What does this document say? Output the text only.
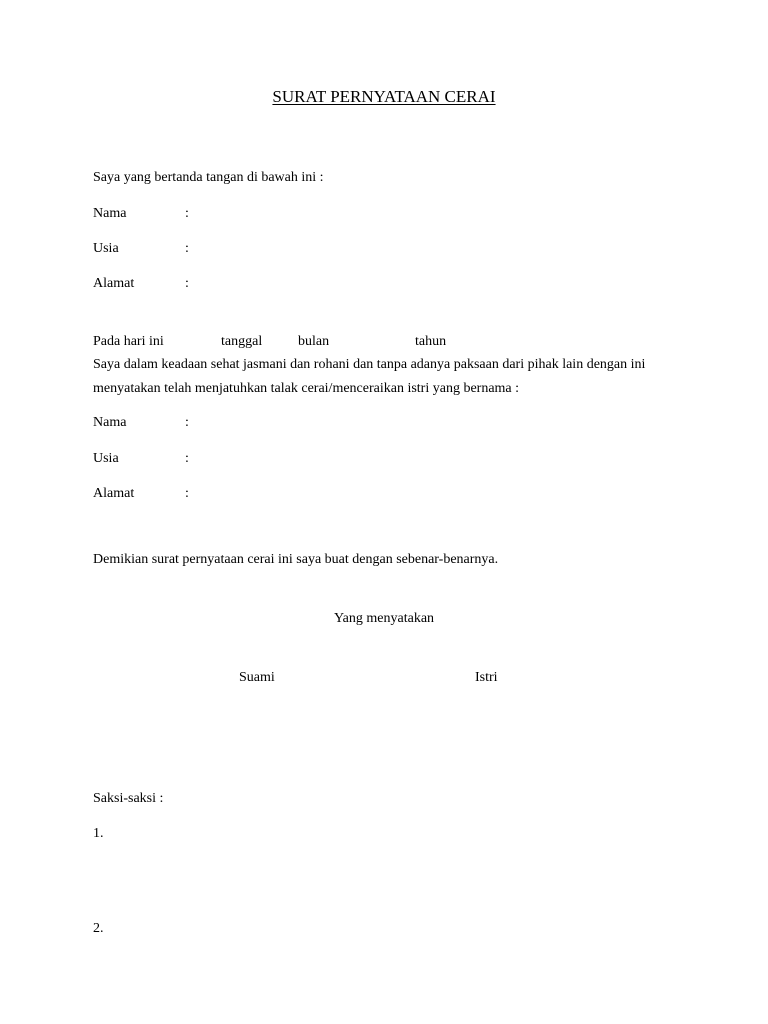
SURAT PERNYATAAN CERAI
Saya yang bertanda tangan di bawah ini :
Nama	:
Usia	:
Alamat	:
Pada hari ini	tanggal	bulan	tahun
Saya dalam keadaan sehat jasmani dan rohani dan tanpa adanya paksaan dari pihak lain dengan ini
menyatakan telah menjatuhkan talak cerai/menceraikan istri yang bernama :
Nama	:
Usia	:
Alamat	:
Demikian surat pernyataan cerai ini saya buat dengan sebenar-benarnya.
Yang menyatakan
Suami	Istri
Saksi-saksi :
1.
2.
